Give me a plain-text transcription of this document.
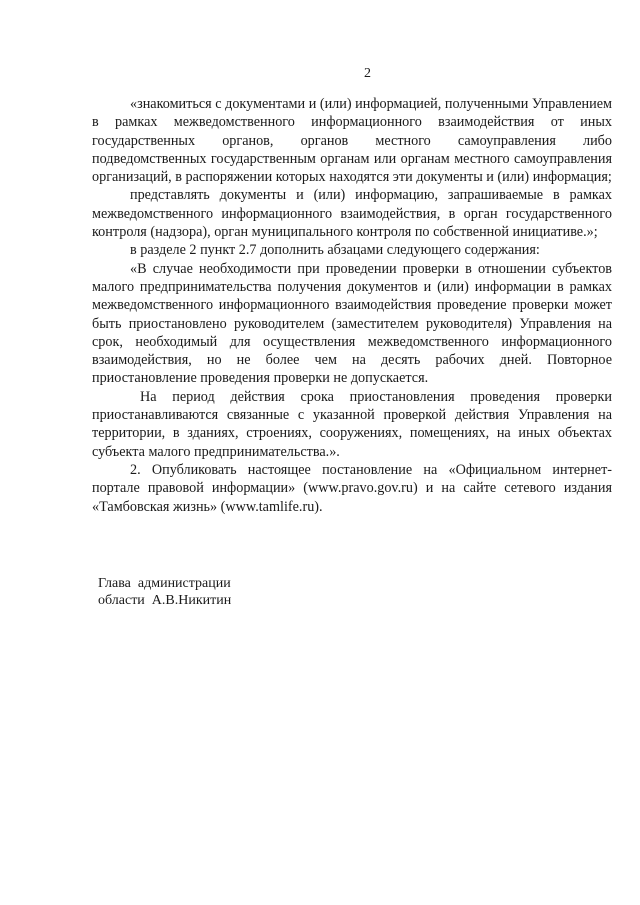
2

«знакомиться с документами и (или) информацией, полученными Управлением в рамках межведомственного информационного взаимодействия от иных государственных органов, органов местного самоуправления либо подведомственных государственным органам или органам местного самоуправления организаций, в распоряжении которых находятся эти документы и (или) информация;

представлять документы и (или) информацию, запрашиваемые в рамках межведомственного информационного взаимодействия, в орган государственного контроля (надзора), орган муниципального контроля по собственной инициативе.»;

в разделе 2 пункт 2.7 дополнить абзацами следующего содержания:

«В случае необходимости при проведении проверки в отношении субъектов малого предпринимательства получения документов и (или) информации в рамках межведомственного информационного взаимодействия проведение проверки может быть приостановлено руководителем (заместителем руководителя) Управления на срок, необходимый для осуществления межведомственного информационного взаимодействия, но не более чем на десять рабочих дней. Повторное приостановление проведения проверки не допускается.

На период действия срока приостановления проведения проверки приостанавливаются связанные с указанной проверкой действия Управления на территории, в зданиях, строениях, сооружениях, помещениях, на иных объектах субъекта малого предпринимательства.».

2. Опубликовать настоящее постановление на «Официальном интернет-портале правовой информации» (www.pravo.gov.ru) и на сайте сетевого издания «Тамбовская жизнь» (www.tamlife.ru).

Глава  администрации

области  А.В.Никитин
